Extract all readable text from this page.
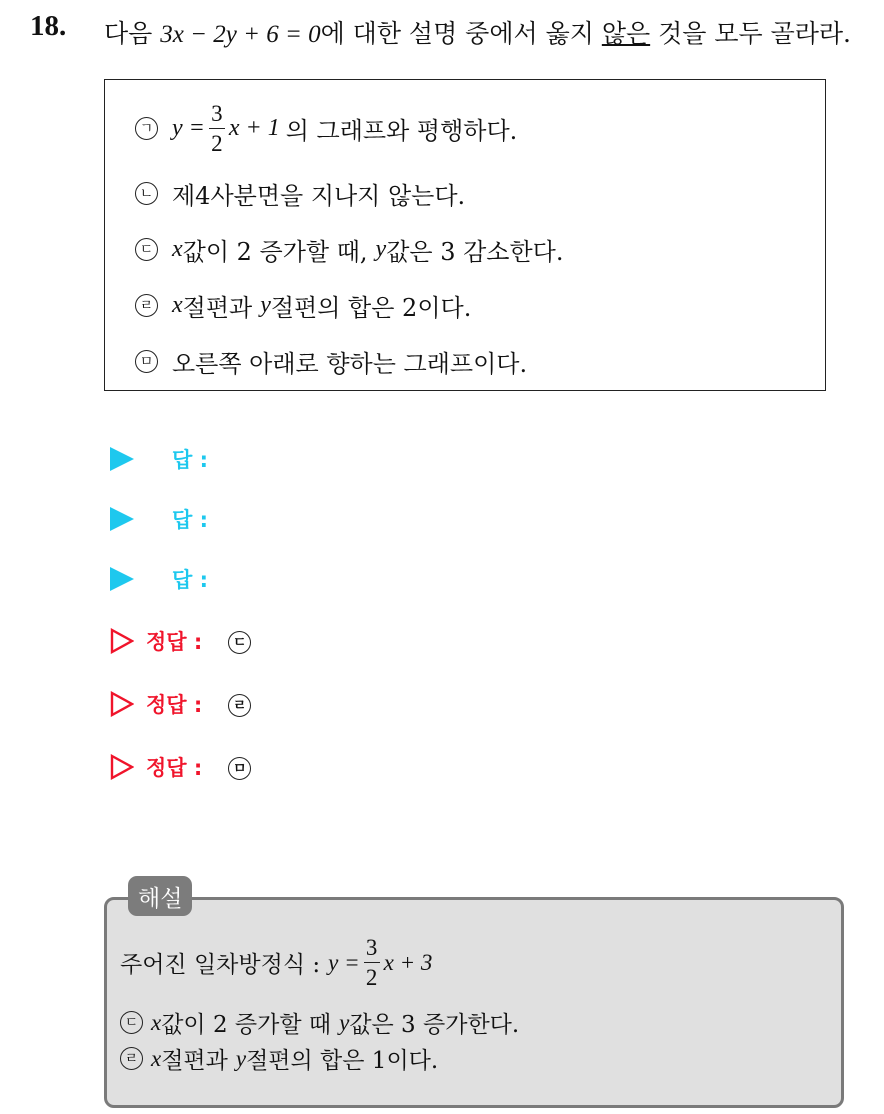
18. 다음 3x − 2y + 6 = 0에 대한 설명 중에서 옳지 않은 것을 모두 골라라.
ㄱ $y = \frac{3}{2}$ x + 1 의 그래프와 평행하다.
ㄴ 제4사분면을 지나지 않는다.
ㄷ x 값이 2 증가할 때, y 값은 3 감소한다.
ㄹ x 절편과 y 절편의 합은 2이다.
ㅁ 오른쪽 아래로 향하는 그래프이다.
답 :
답 :
답 :
정답 :	ㄷ
정답 :	ㄹ
정답 :	ㅁ
해설
주어진 일차방정식 : $y = \frac{3}{2}$ x + 3
ㄷ x 값이 2 증가할 때 y 값은 3 증가한다.
ㄹ x 절편과 y 절편의 합은 1이다.
